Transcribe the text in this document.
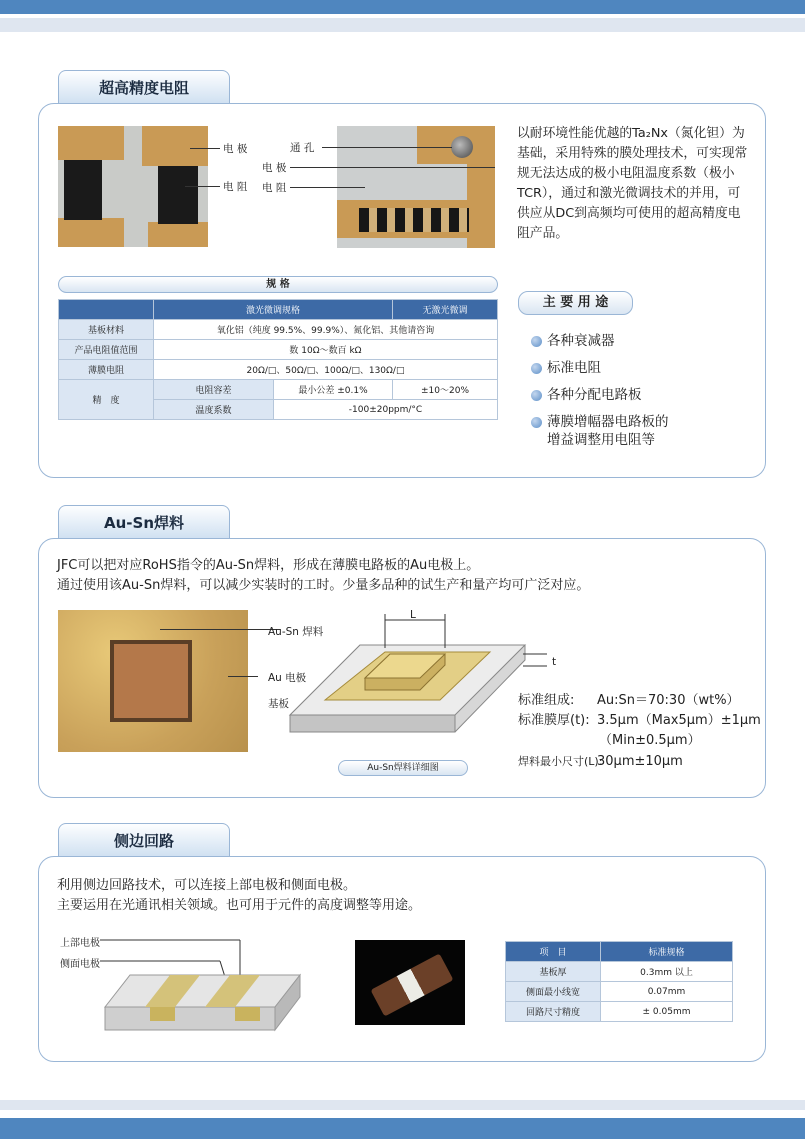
超高精度电阻
电 极
电 阻
通 孔
电 极
电 阻
以耐环境性能优越的Ta₂Nx（氮化钽）为基础，采用特殊的膜处理技术，可实现常规无法达成的极小电阻温度系数（极小TCR），通过和激光微调技术的并用，可供应从DC到高频均可使用的超高精度电阻产品。
规 格
	激光微调规格		无激光微调
基板材料	氧化铝（纯度 99.5%、99.9%）、氮化铝、其他请咨询		
产品电阻值范围	数 10Ω～数百 kΩ		
薄膜电阻	20Ω/□、50Ω/□、100Ω/□、130Ω/□		
精　度	电阻容差	最小公差 ±0.1%	±10～20%
	温度系数	-100±20ppm/°C	
主 要 用 途
各种衰减器
标准电阻
各种分配电路板
薄膜增幅器电路板的
增益调整用电阻等
Au-Sn焊料
JFC可以把对应RoHS指令的Au-Sn焊料，形成在薄膜电路板的Au电极上。
通过使用该Au-Sn焊料，可以减少实装时的工时。少量多品种的试生产和量产均可广泛对应。
Au-Sn 焊料
Au 电极
基板
L
t
Au-Sn焊料详细图
标准组成:	Au:Sn＝70:30（wt%）
标准膜厚(t): 3.5μm（Max5μm）±1μm
（Min±0.5μm）
焊料最小尺寸(L):
30μm±10μm
侧边回路
利用侧边回路技术，可以连接上部电极和侧面电极。
主要运用在光通讯相关领域。也可用于元件的高度调整等用途。
上部电极
侧面电极
项　目	标准规格
基板厚	0.3mm 以上
侧面最小线宽	0.07mm
回路尺寸精度	± 0.05mm
